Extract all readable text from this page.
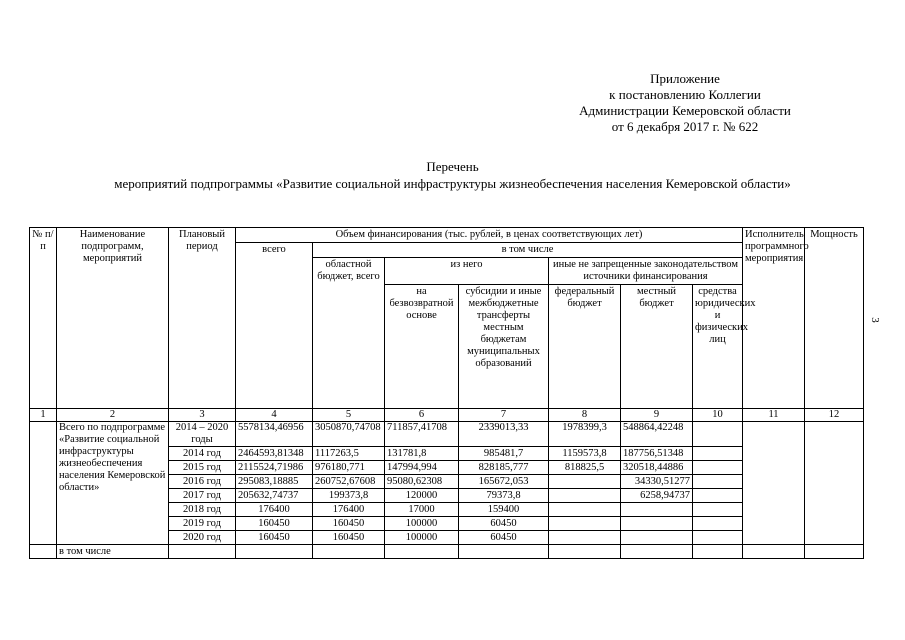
Приложение
к постановлению Коллегии
Администрации Кемеровской области
от 6 декабря 2017 г. № 622
Перечень
мероприятий подпрограммы «Развитие социальной инфраструктуры жизнеобеспечения населения Кемеровской области»
3
№ п/п	Наименование подпрограмм, мероприятий	Плановый период	Объем финансирования (тыс. рублей, в ценах соответствующих лет)							Исполнитель программного мероприятия	Мощность
			всего	в том числе							
				областной бюджет, всего	из него		иные не запрещенные законодательством источники финансирования				
					на безвозвратной основе	субсидии и иные межбюджетные трансферты местным бюджетам муниципальных образований	федеральный бюджет	местный бюджет	средства юридических и физических лиц		
1	2	3	4	5	6	7	8	9	10	11	12
	Всего по подпрограмме «Развитие социальной инфраструктуры жизнеобеспечения населения Кемеровской области»	2014 – 2020 годы	5578134,46956	3050870,74708	711857,41708	2339013,33	1978399,3	548864,42248			
		2014 год	2464593,81348	1117263,5	131781,8	985481,7	1159573,8	187756,51348			
		2015 год	2115524,71986	976180,771	147994,994	828185,777	818825,5	320518,44886			
		2016 год	295083,18885	260752,67608	95080,62308	165672,053		34330,51277			
		2017 год	205632,74737	199373,8	120000	79373,8		6258,94737			
		2018 год	176400	176400	17000	159400					
		2019 год	160450	160450	100000	60450					
		2020 год	160450	160450	100000	60450					
	в том числе										
